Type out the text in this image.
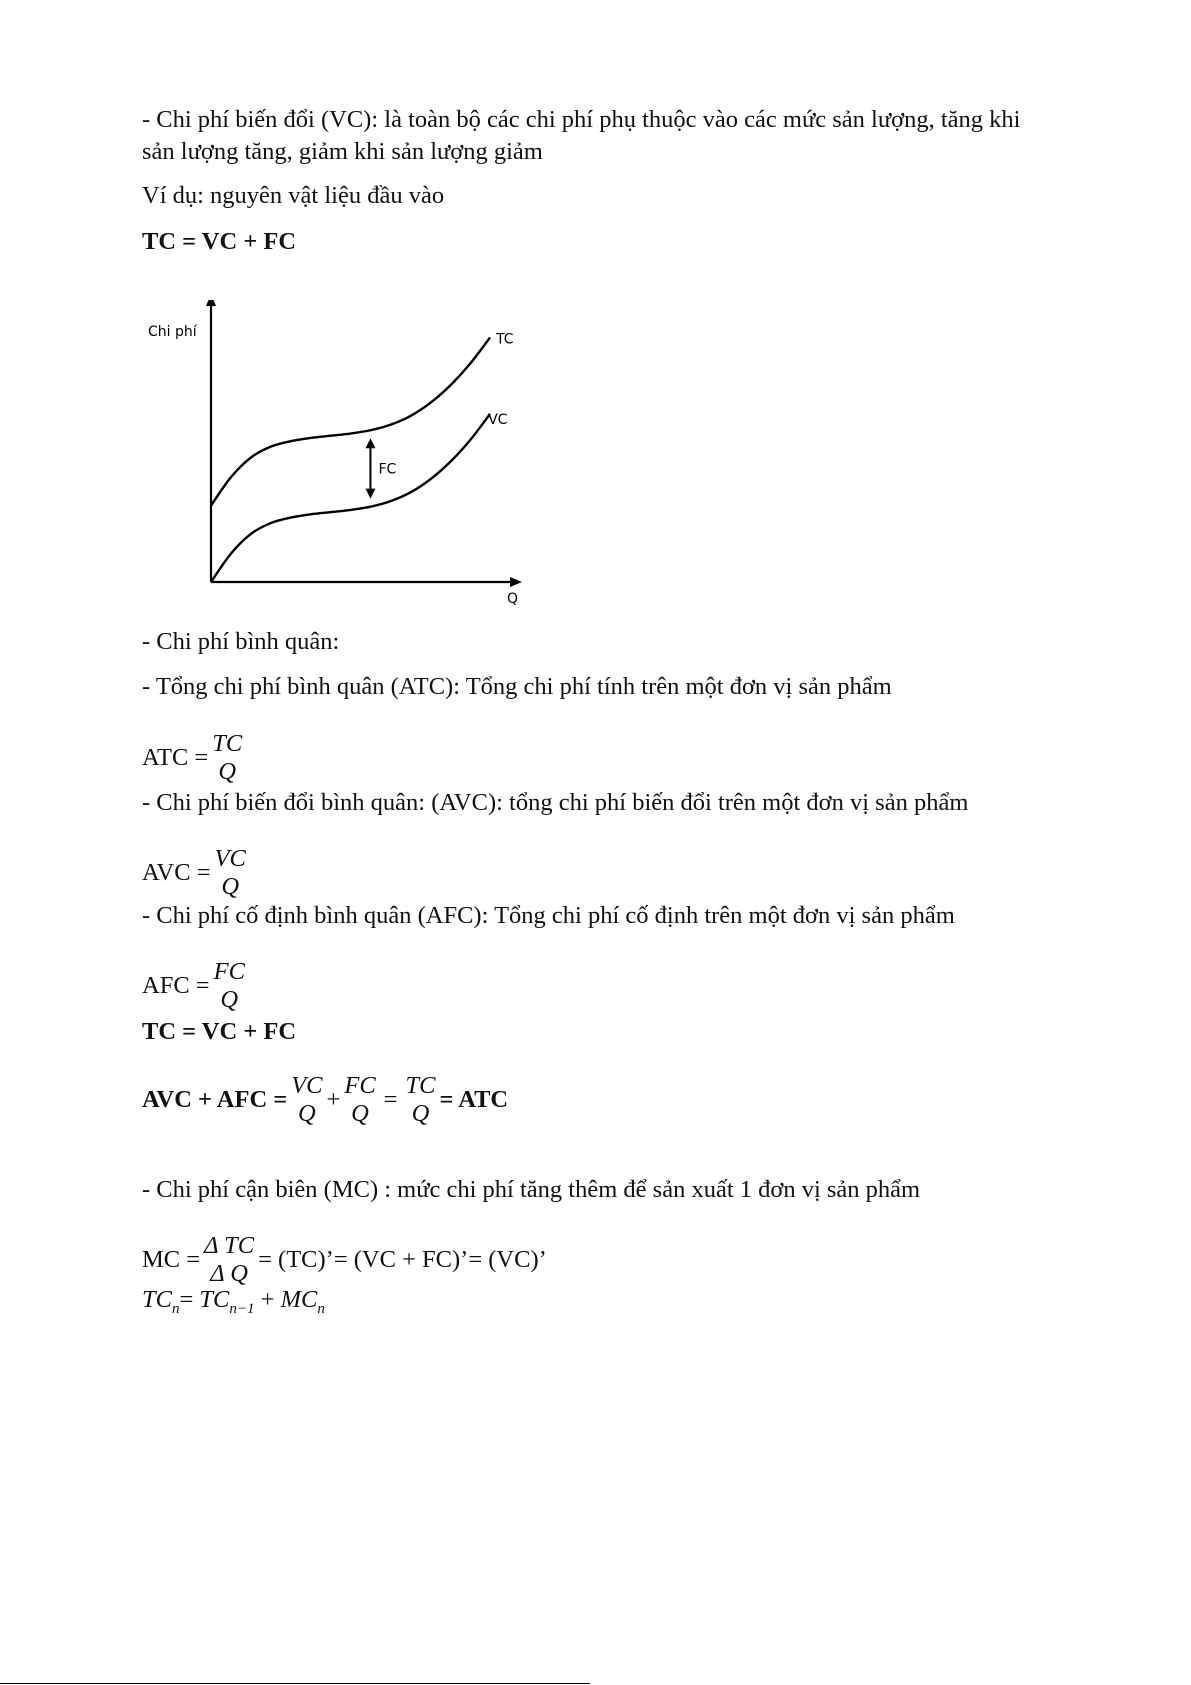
- Chi phí biến đổi (VC): là toàn bộ các chi phí phụ thuộc vào các mức sản lượng, tăng khi
sản lượng tăng, giảm khi sản lượng giảm
Ví dụ: nguyên vật liệu đầu vào
TC = VC + FC
Chi phí
Q
TC
VC
FC
- Chi phí bình quân:
- Tổng chi phí bình quân (ATC): Tổng chi phí tính trên một đơn vị sản phẩm
ATC =
TC
Q
- Chi phí biến đổi bình quân: (AVC): tổng chi phí biến đổi trên một đơn vị sản phẩm
AVC =
VC
Q
- Chi phí cố định bình quân (AFC): Tổng chi phí cố định trên một đơn vị sản phẩm
AFC =
FC
Q
TC = VC + FC
AVC + AFC =
VC
Q
+
FC
Q
=
TC
Q
= ATC
- Chi phí cận biên (MC) : mức chi phí tăng thêm để sản xuất 1 đơn vị sản phẩm
MC =
Δ TC
Δ Q
= (TC)’= (VC + FC)’= (VC)’
$TC_n= TC_{n-1} + MC_n$
